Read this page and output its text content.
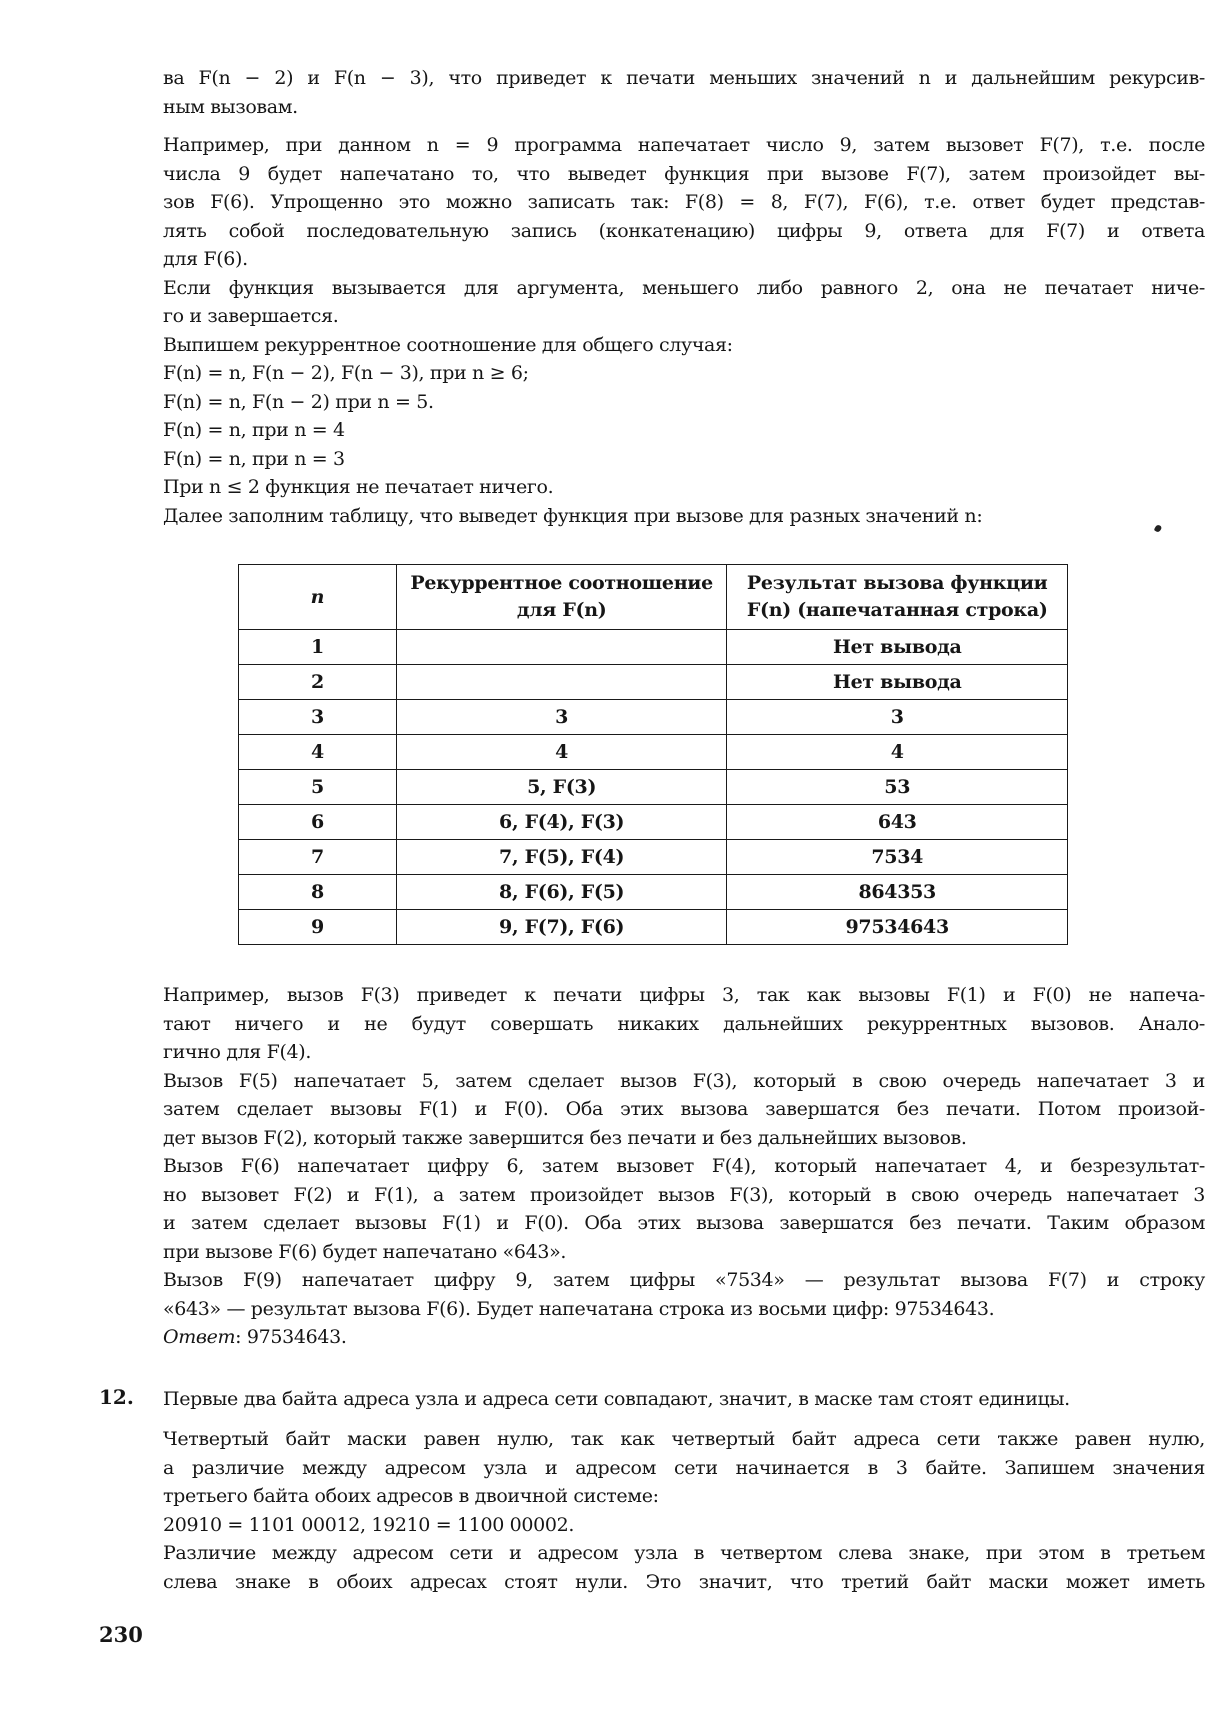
ва F(n − 2) и F(n − 3), что приведет к печати меньших значений n и дальнейшим рекурсив-
ным вызовам.
Например, при данном n = 9 программа напечатает число 9, затем вызовет F(7), т.е. после
числа 9 будет напечатано то, что выведет функция при вызове F(7), затем произойдет вы-
зов F(6). Упрощенно это можно записать так: F(8) = 8, F(7), F(6), т.е. ответ будет представ-
лять собой последовательную запись (конкатенацию) цифры 9, ответа для F(7) и ответа
для F(6).
Если функция вызывается для аргумента, меньшего либо равного 2, она не печатает ниче-
го и завершается.
Выпишем рекуррентное соотношение для общего случая:
F(n) = n, F(n − 2), F(n − 3), при n ≥ 6;
F(n) = n, F(n − 2) при n = 5.
F(n) = n, при n = 4
F(n) = n, при n = 3
При n ≤ 2 функция не печатает ничего.
Далее заполним таблицу, что выведет функция при вызове для разных значений n:
n	Рекуррентное соотношение для F(n)	Результат вызова функции F(n) (напечатанная строка)
1		Нет вывода
2		Нет вывода
3	3	3
4	4	4
5	5, F(3)	53
6	6, F(4), F(3)	643
7	7, F(5), F(4)	7534
8	8, F(6), F(5)	864353
9	9, F(7), F(6)	97534643
Например, вызов F(3) приведет к печати цифры 3, так как вызовы F(1) и F(0) не напеча-
тают ничего и не будут совершать никаких дальнейших рекуррентных вызовов. Анало-
гично для F(4).
Вызов F(5) напечатает 5, затем сделает вызов F(3), который в свою очередь напечатает 3 и
затем сделает вызовы F(1) и F(0). Оба этих вызова завершатся без печати. Потом произой-
дет вызов F(2), который также завершится без печати и без дальнейших вызовов.
Вызов F(6) напечатает цифру 6, затем вызовет F(4), который напечатает 4, и безрезультат-
но вызовет F(2) и F(1), а затем произойдет вызов F(3), который в свою очередь напечатает 3
и затем сделает вызовы F(1) и F(0). Оба этих вызова завершатся без печати. Таким образом
при вызове F(6) будет напечатано «643».
Вызов F(9) напечатает цифру 9, затем цифры «7534» — результат вызова F(7) и строку
«643» — результат вызова F(6). Будет напечатана строка из восьми цифр: 97534643.
Ответ: 97534643.
12. Первые два байта адреса узла и адреса сети совпадают, значит, в маске там стоят единицы.
Четвертый байт маски равен нулю, так как четвертый байт адреса сети также равен нулю,
а различие между адресом узла и адресом сети начинается в 3 байте. Запишем значения
третьего байта обоих адресов в двоичной системе:
20910 = 1101 00012, 19210 = 1100 00002.
Различие между адресом сети и адресом узла в четвертом слева знаке, при этом в третьем
слева знаке в обоих адресах стоят нули. Это значит, что третий байт маски может иметь
230
